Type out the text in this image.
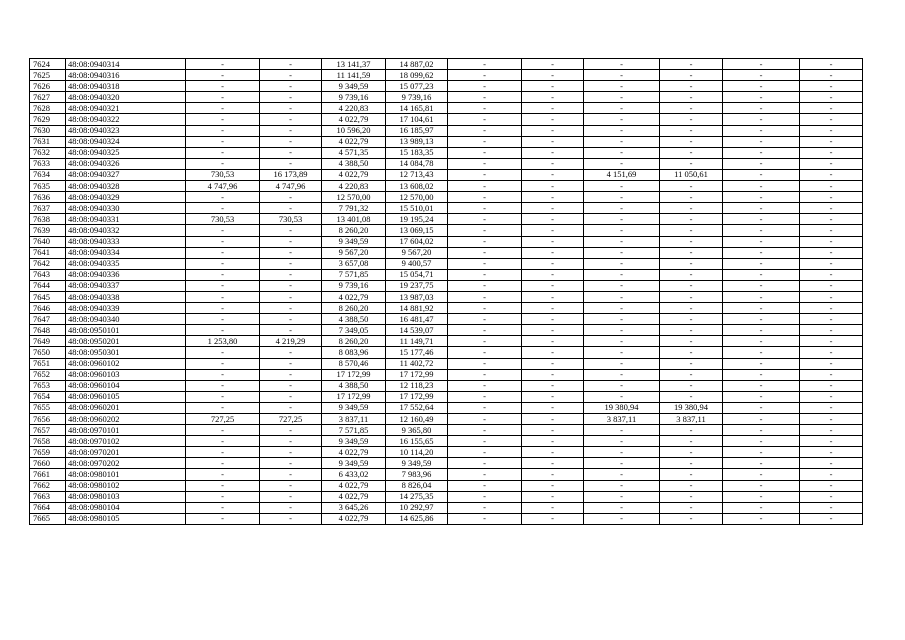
7624	48:08:0940314	-	-	13 141,37	14 887,02	-	-	-	-	-	-
7625	48:08:0940316	-	-	11 141,59	18 099,62	-	-	-	-	-	-
7626	48:08:0940318	-	-	9 349,59	15 077,23	-	-	-	-	-	-
7627	48:08:0940320	-	-	9 739,16	9 739,16	-	-	-	-	-	-
7628	48:08:0940321	-	-	4 220,83	14 165,81	-	-	-	-	-	-
7629	48:08:0940322	-	-	4 022,79	17 104,61	-	-	-	-	-	-
7630	48:08:0940323	-	-	10 596,20	16 185,97	-	-	-	-	-	-
7631	48:08:0940324	-	-	4 022,79	13 989,13	-	-	-	-	-	-
7632	48:08:0940325	-	-	4 571,35	15 183,35	-	-	-	-	-	-
7633	48:08:0940326	-	-	4 388,50	14 084,78	-	-	-	-	-	-
7634	48:08:0940327	730,53	16 173,89	4 022,79	12 713,43	-	-	4 151,69	11 050,61	-	-
7635	48:08:0940328	4 747,96	4 747,96	4 220,83	13 608,02	-	-	-	-	-	-
7636	48:08:0940329	-	-	12 570,00	12 570,00	-	-	-	-	-	-
7637	48:08:0940330	-	-	7 791,32	15 510,01	-	-	-	-	-	-
7638	48:08:0940331	730,53	730,53	13 401,08	19 195,24	-	-	-	-	-	-
7639	48:08:0940332	-	-	8 260,20	13 069,15	-	-	-	-	-	-
7640	48:08:0940333	-	-	9 349,59	17 604,02	-	-	-	-	-	-
7641	48:08:0940334	-	-	9 567,20	9 567,20	-	-	-	-	-	-
7642	48:08:0940335	-	-	3 657,08	9 400,57	-	-	-	-	-	-
7643	48:08:0940336	-	-	7 571,85	15 054,71	-	-	-	-	-	-
7644	48:08:0940337	-	-	9 739,16	19 237,75	-	-	-	-	-	-
7645	48:08:0940338	-	-	4 022,79	13 987,03	-	-	-	-	-	-
7646	48:08:0940339	-	-	8 260,20	14 881,92	-	-	-	-	-	-
7647	48:08:0940340	-	-	4 388,50	16 481,47	-	-	-	-	-	-
7648	48:08:0950101	-	-	7 349,05	14 539,07	-	-	-	-	-	-
7649	48:08:0950201	1 253,80	4 219,29	8 260,20	11 149,71	-	-	-	-	-	-
7650	48:08:0950301	-	-	8 083,96	15 177,46	-	-	-	-	-	-
7651	48:08:0960102	-	-	8 570,46	11 402,72	-	-	-	-	-	-
7652	48:08:0960103	-	-	17 172,99	17 172,99	-	-	-	-	-	-
7653	48:08:0960104	-	-	4 388,50	12 118,23	-	-	-	-	-	-
7654	48:08:0960105	-	-	17 172,99	17 172,99	-	-	-	-	-	-
7655	48:08:0960201	-	-	9 349,59	17 552,64	-	-	19 380,94	19 380,94	-	-
7656	48:08:0960202	727,25	727,25	3 837,11	12 160,49	-	-	3 837,11	3 837,11	-	-
7657	48:08:0970101	-	-	7 571,85	9 365,80	-	-	-	-	-	-
7658	48:08:0970102	-	-	9 349,59	16 155,65	-	-	-	-	-	-
7659	48:08:0970201	-	-	4 022,79	10 114,20	-	-	-	-	-	-
7660	48:08:0970202	-	-	9 349,59	9 349,59	-	-	-	-	-	-
7661	48:08:0980101	-	-	6 433,02	7 983,96	-	-	-	-	-	-
7662	48:08:0980102	-	-	4 022,79	8 826,04	-	-	-	-	-	-
7663	48:08:0980103	-	-	4 022,79	14 275,35	-	-	-	-	-	-
7664	48:08:0980104	-	-	3 645,26	10 292,97	-	-	-	-	-	-
7665	48:08:0980105	-	-	4 022,79	14 625,86	-	-	-	-	-	-
